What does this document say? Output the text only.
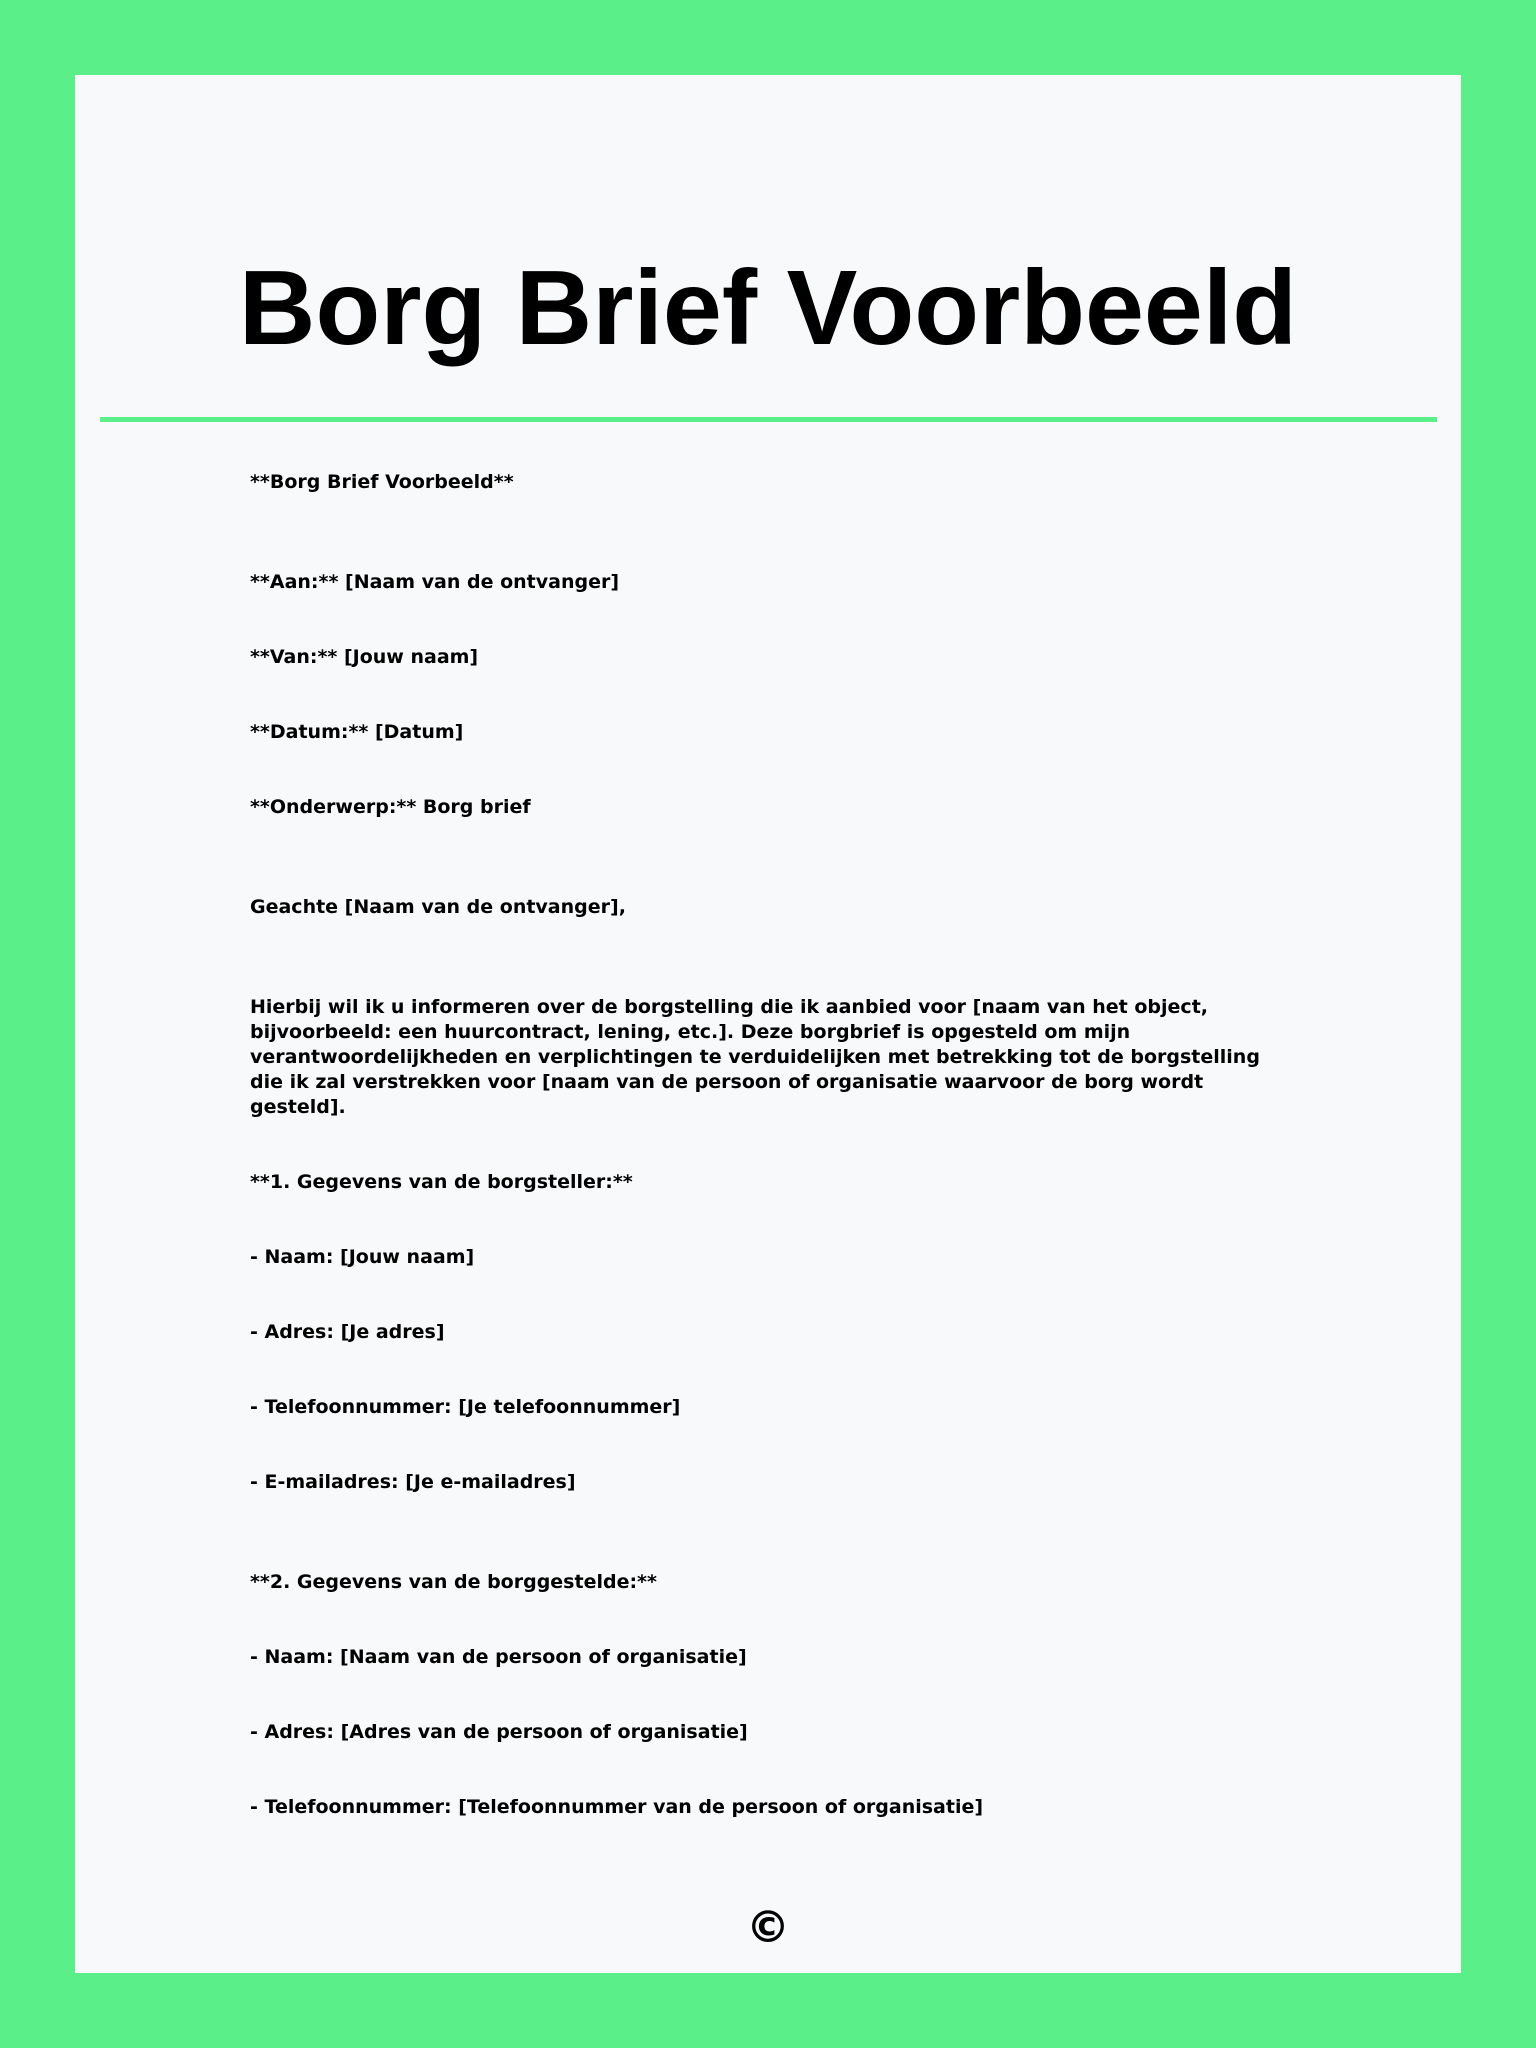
Borg Brief Voorbeeld

**Borg Brief Voorbeeld**

**Aan:** [Naam van de ontvanger]

**Van:** [Jouw naam]

**Datum:** [Datum]

**Onderwerp:** Borg brief

Geachte [Naam van de ontvanger],

Hierbij wil ik u informeren over de borgstelling die ik aanbied voor [naam van het object, bijvoorbeeld: een huurcontract, lening, etc.]. Deze borgbrief is opgesteld om mijn verantwoordelijkheden en verplichtingen te verduidelijken met betrekking tot de borgstelling die ik zal verstrekken voor [naam van de persoon of organisatie waarvoor de borg wordt gesteld].

**1. Gegevens van de borgsteller:**

- Naam: [Jouw naam]

- Adres: [Je adres]

- Telefoonnummer: [Je telefoonnummer]

- E-mailadres: [Je e-mailadres]

**2. Gegevens van de borggestelde:**

- Naam: [Naam van de persoon of organisatie]

- Adres: [Adres van de persoon of organisatie]

- Telefoonnummer: [Telefoonnummer van de persoon of organisatie]

©
